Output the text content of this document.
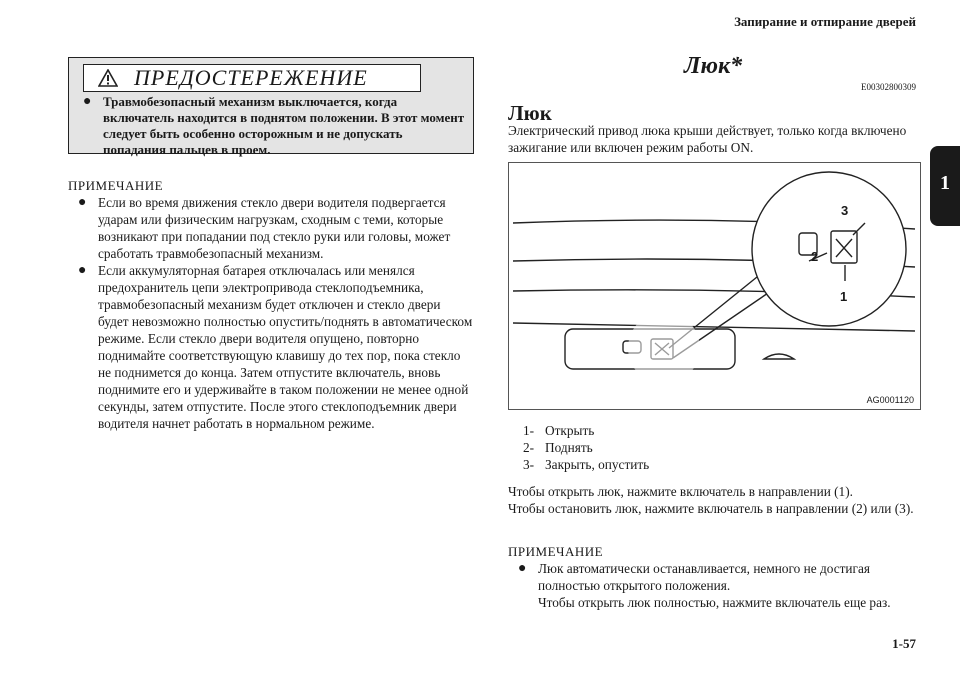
Запирание и отпирание дверей
1
ПРЕДОСТЕРЕЖЕНИЕ
● Травмобезопасный механизм выключается, когда включатель находится в поднятом положении. В этот момент следует быть особенно осторожным и не допускать попадания пальцев в проем.
ПРИМЕЧАНИЕ
● Если во время движения стекло двери водителя подвергается ударам или физическим нагрузкам, сходным с теми, которые возникают при попадании под стекло руки или головы, может сработать травмобезопасный механизм.
● Если аккумуляторная батарея отключалась или менялся предохранитель цепи электропривода стеклоподъемника, травмобезопасный механизм будет отключен и стекло двери будет невозможно полностью опустить/поднять в автоматическом режиме. Если стекло двери водителя опущено, повторно поднимайте соответствующую клавишу до тех пор, пока стекло не поднимется до конца. Затем отпустите включатель, вновь поднимите его и удерживайте в таком положении не менее одной секунды, затем отпустите. После этого стеклоподъемник двери водителя начнет работать в нормальном режиме.
Люк*
E00302800309
Люк
Электрический привод люка крыши действует, только когда включено зажигание или включен режим работы ON.
3
2
1
AG0001120
1- Открыть
2- Поднять
3- Закрыть, опустить
Чтобы открыть люк, нажмите включатель в направлении (1).
Чтобы остановить люк, нажмите включатель в направлении (2) или (3).
ПРИМЕЧАНИЕ
● Люк автоматически останавливается, немного не достигая полностью открытого положения.
Чтобы открыть люк полностью, нажмите включатель еще раз.
1-57
